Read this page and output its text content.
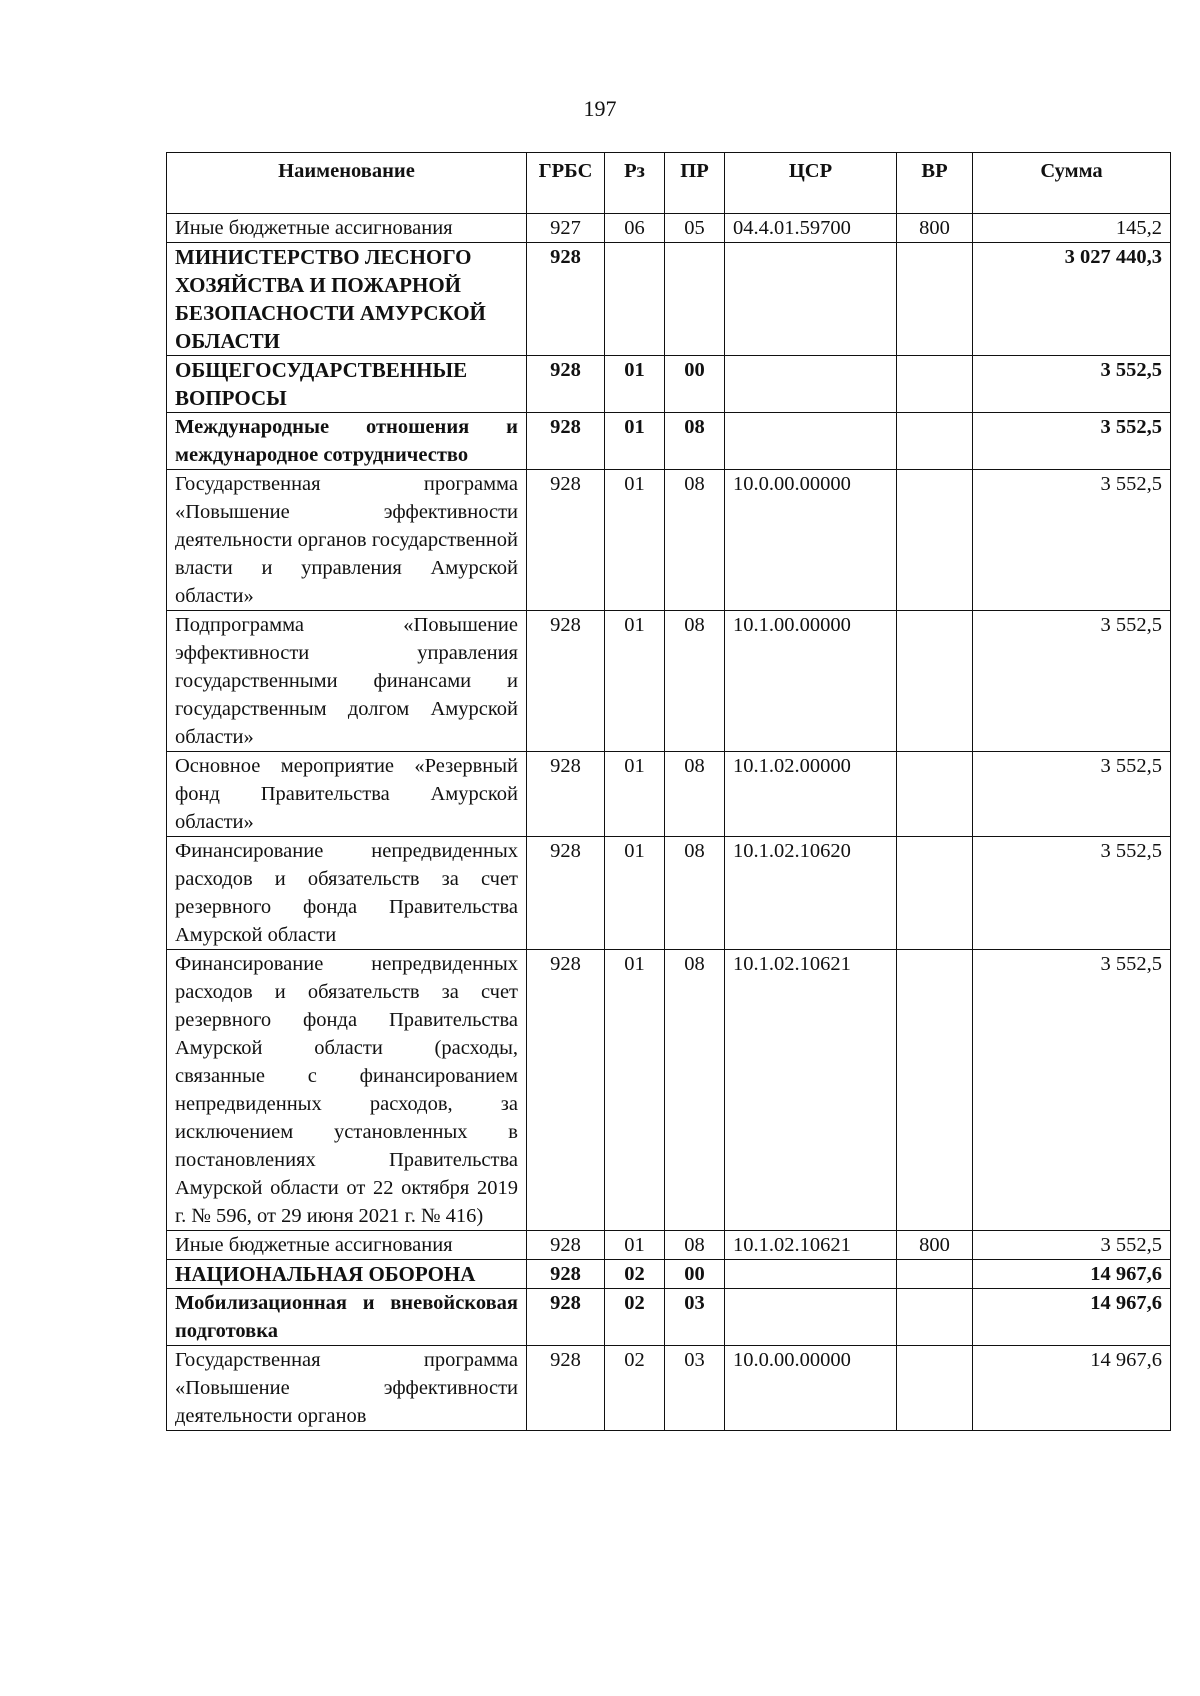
197
Наименование	ГРБС	Рз	ПР	ЦСР	ВР	Сумма
Иные бюджетные ассигнования	927	06	05	04.4.01.59700	800	145,2
МИНИСТЕРСТВО ЛЕСНОГО ХОЗЯЙСТВА И ПОЖАРНОЙ БЕЗОПАСНОСТИ АМУРСКОЙ ОБЛАСТИ	928					3 027 440,3
ОБЩЕГОСУДАРСТВЕННЫЕ ВОПРОСЫ	928	01	00			3 552,5
Международные отношения и международное сотрудничество	928	01	08			3 552,5
Государственная программа «Повышение эффективности деятельности органов государственной власти и управления Амурской области»	928	01	08	10.0.00.00000		3 552,5
Подпрограмма «Повышение эффективности управления государственными финансами и государственным долгом Амурской области»	928	01	08	10.1.00.00000		3 552,5
Основное мероприятие «Резервный фонд Правительства Амурской области»	928	01	08	10.1.02.00000		3 552,5
Финансирование непредвиденных расходов и обязательств за счет резервного фонда Правительства Амурской области	928	01	08	10.1.02.10620		3 552,5
Финансирование непредвиденных расходов и обязательств за счет резервного фонда Правительства Амурской области (расходы, связанные с финансированием непредвиденных расходов, за исключением установленных в постановлениях Правительства Амурской области от 22 октября 2019 г. № 596, от 29 июня 2021 г. № 416)	928	01	08	10.1.02.10621		3 552,5
Иные бюджетные ассигнования	928	01	08	10.1.02.10621	800	3 552,5
НАЦИОНАЛЬНАЯ ОБОРОНА	928	02	00			14 967,6
Мобилизационная и вневойсковая подготовка	928	02	03			14 967,6
Государственная программа «Повышение эффективности деятельности органов	928	02	03	10.0.00.00000		14 967,6
